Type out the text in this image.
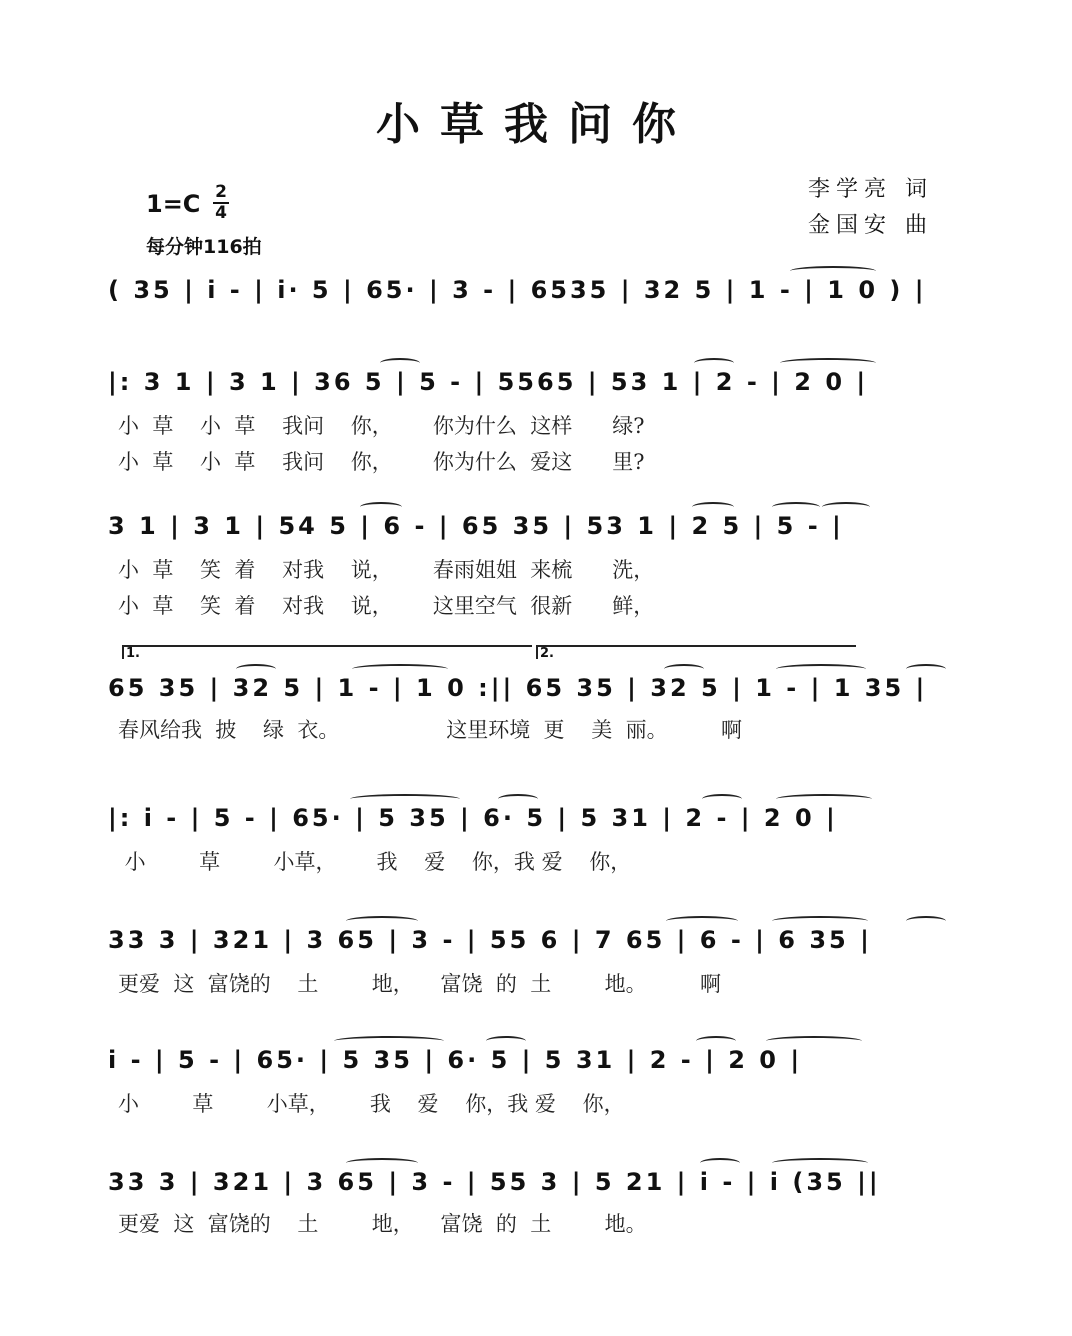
小草我问你
李学亮 词
金国安 曲
1=C 2
4
每分钟116拍
( 35 | i - | i· 5 | 65· | 3 - | 6535 | 32 5 | 1 - | 1 0 ) |
|: 3 1 | 3 1 | 36 5 | 5 - | 5565 | 53 1 | 2 - | 2 0 |
小  草    小  草    我问    你，      你为什么  这样      绿?
小  草    小  草    我问    你，      你为什么  爱这      里?
3 1 | 3 1 | 54 5 | 6 - | 65 35 | 53 1 | 2 5 | 5 - |
小  草    笑  着    对我    说，      春雨姐姐  来梳      洗，
小  草    笑  着    对我    说，      这里空气  很新      鲜，
1.	2.
65 35 | 32 5 | 1 - | 1 0 :|| 65 35 | 32 5 | 1 - | 1 35 |
春风给我  披    绿  衣。                这里环境  更    美  丽。        啊
|: i - | 5 - | 65· | 5 35 | 6· 5 | 5 31 | 2 - | 2 0 |
小        草        小草，      我    爱    你，我 爱    你，
33 3 | 321 | 3 65 | 3 - | 55 6 | 7 65 | 6 - | 6 35 |
更爱  这  富饶的    土        地，    富饶  的  土        地。        啊
i - | 5 - | 65· | 5 35 | 6· 5 | 5 31 | 2 - | 2 0 |
小        草        小草，      我    爱    你，我 爱    你，
33 3 | 321 | 3 65 | 3 - | 55 3 | 5 21 | i - | i (35 ||
更爱  这  富饶的    土        地，    富饶  的  土        地。
